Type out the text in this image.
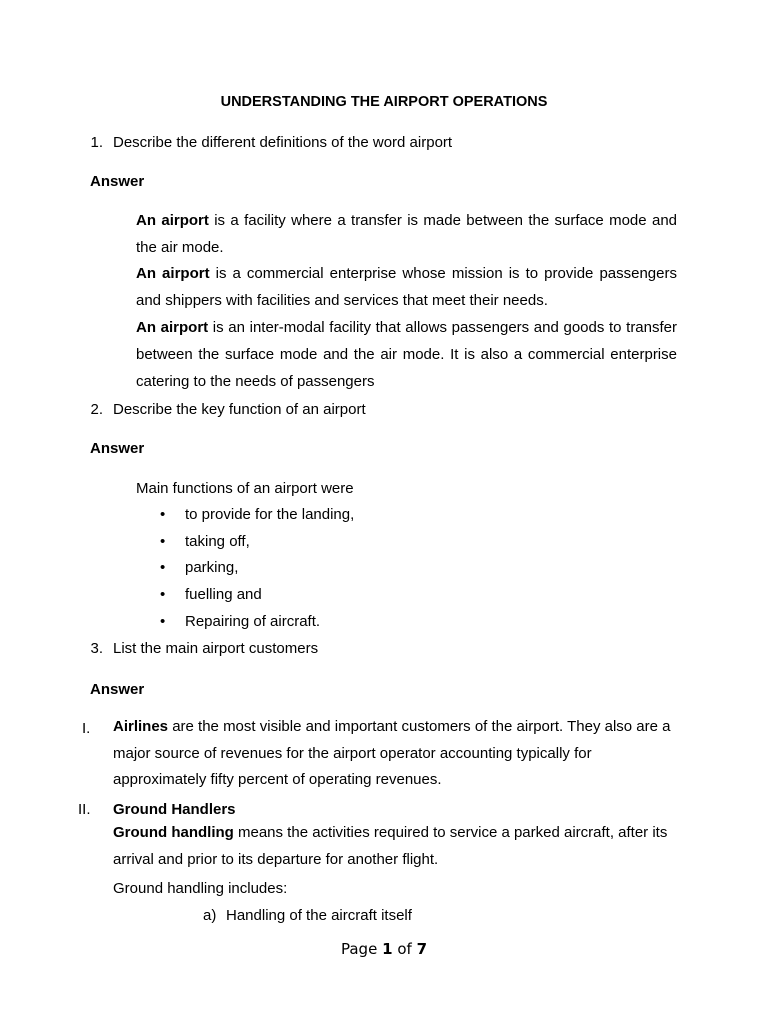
UNDERSTANDING THE AIRPORT OPERATIONS
1. Describe the different definitions of the word airport
Answer
An airport is a facility where a transfer is made between the surface mode and the air mode.
An airport is a commercial enterprise whose mission is to provide passengers and shippers with facilities and services that meet their needs.
An airport is an inter-modal facility that allows passengers and goods to transfer between the surface mode and the air mode. It is also a commercial enterprise catering to the needs of passengers
2. Describe the key function of an airport
Answer
Main functions of an airport were
• to provide for the landing,
• taking off,
• parking,
• fuelling and
• Repairing of aircraft.
3. List the main airport customers
Answer
I. Airlines are the most visible and important customers of the airport. They also are a major source of revenues for the airport operator accounting typically for approximately fifty percent of operating revenues.
II. Ground Handlers
Ground handling means the activities required to service a parked aircraft, after its arrival and prior to its departure for another flight.
Ground handling includes:
a) Handling of the aircraft itself
Page 1 of 7
